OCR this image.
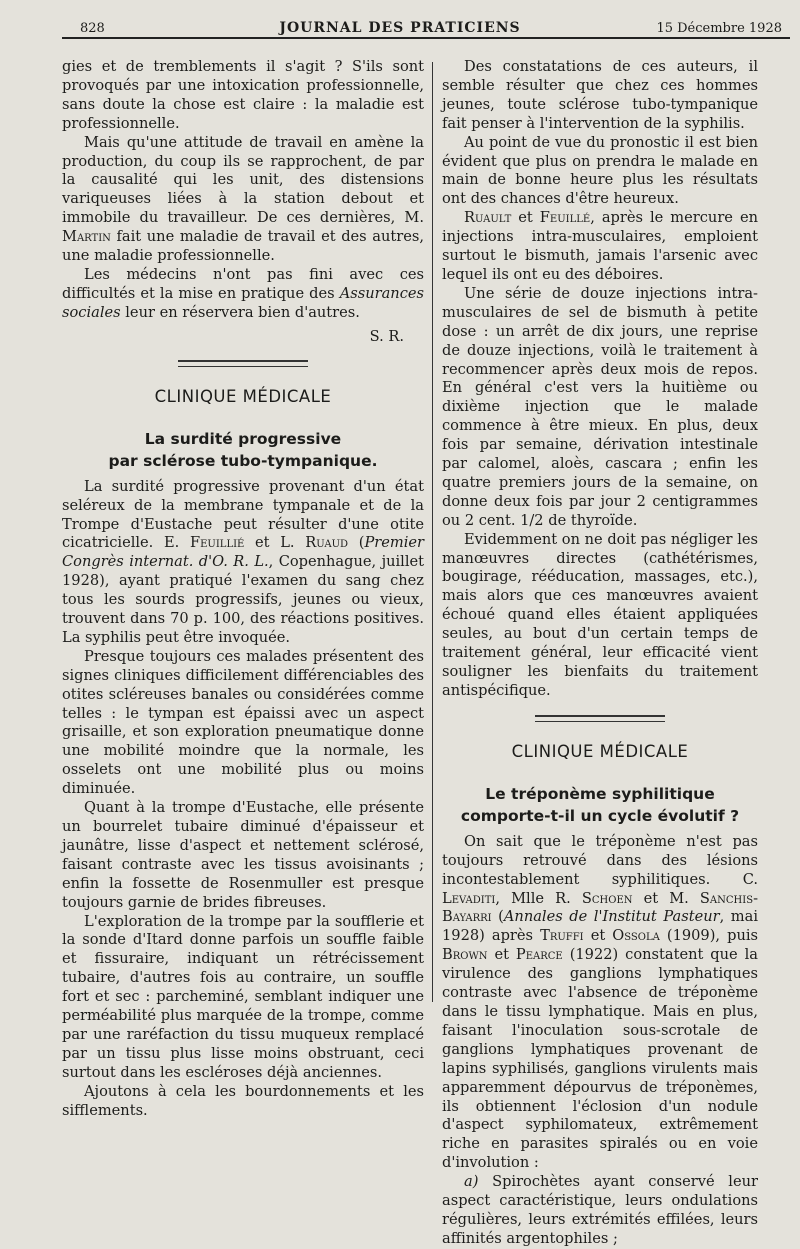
828	JOURNAL DES PRATICIENS	15 Décembre 1928

gies et de tremblements il s'agit ? S'ils sont provoqués par une intoxication professionnelle, sans doute la chose est claire : la maladie est professionnelle.

Mais qu'une attitude de travail en amène la production, du coup ils se rapprochent, de par la causalité qui les unit, des distensions variqueuses liées à la station debout et immobile du travailleur. De ces dernières, M. Martin fait une maladie de travail et des autres, une maladie professionnelle.

Les médecins n'ont pas fini avec ces difficultés et la mise en pratique des Assurances sociales leur en réservera bien d'autres.

S. R.
CLINIQUE MÉDICALE
La surdité progressive
par sclérose tubo-tympanique.

La surdité progressive provenant d'un état seléreux de la membrane tympanale et de la Trompe d'Eustache peut résulter d'une otite cicatricielle. E. Feuillié et L. Ruaud (Premier Congrès internat. d'O. R. L., Copenhague, juillet 1928), ayant pratiqué l'examen du sang chez tous les sourds progressifs, jeunes ou vieux, trouvent dans 70 p. 100, des réactions positives. La syphilis peut être invoquée.

Presque toujours ces malades présentent des signes cliniques difficilement différenciables des otites scléreuses banales ou considérées comme telles : le tympan est épaissi avec un aspect grisaille, et son exploration pneumatique donne une mobilité moindre que la normale, les osselets ont une mobilité plus ou moins diminuée.

Quant à la trompe d'Eustache, elle présente un bourrelet tubaire diminué d'épaisseur et jaunâtre, lisse d'aspect et nettement sclérosé, faisant contraste avec les tissus avoisinants ; enfin la fossette de Rosenmuller est presque toujours garnie de brides fibreuses.

L'exploration de la trompe par la soufflerie et la sonde d'Itard donne parfois un souffle faible et fissuraire, indiquant un rétrécissement tubaire, d'autres fois au contraire, un souffle fort et sec : parcheminé, semblant indiquer une perméabilité plus marquée de la trompe, comme par une raréfaction du tissu muqueux remplacé par un tissu plus lisse moins obstruant, ceci surtout dans les escléroses déjà anciennes.

Ajoutons à cela les bourdonnements et les sifflements.

Des constatations de ces auteurs, il semble résulter que chez ces hommes jeunes, toute sclérose tubo-tympanique fait penser à l'intervention de la syphilis.

Au point de vue du pronostic il est bien évident que plus on prendra le malade en main de bonne heure plus les résultats ont des chances d'être heureux.

Ruault et Feuillé, après le mercure en injections intra-musculaires, emploient surtout le bismuth, jamais l'arsenic avec lequel ils ont eu des déboires.

Une série de douze injections intra-musculaires de sel de bismuth à petite dose : un arrêt de dix jours, une reprise de douze injections, voilà le traitement à recommencer après deux mois de repos. En général c'est vers la huitième ou dixième injection que le malade commence à être mieux. En plus, deux fois par semaine, dérivation intestinale par calomel, aloès, cascara ; enfin les quatre premiers jours de la semaine, on donne deux fois par jour 2 centigrammes ou 2 cent. 1/2 de thyroïde.

Evidemment on ne doit pas négliger les manœuvres directes (cathétérismes, bougirage, rééducation, massages, etc.), mais alors que ces manœuvres avaient échoué quand elles étaient appliquées seules, au bout d'un certain temps de traitement général, leur efficacité vient souligner les bienfaits du traitement antispécifique.

CLINIQUE MÉDICALE
Le tréponème syphilitique
comporte-t-il un cycle évolutif ?

On sait que le tréponème n'est pas toujours retrouvé dans des lésions incontestablement syphilitiques. C. Levaditi, Mlle R. Schoen et M. Sanchis-Bayarri (Annales de l'Institut Pasteur, mai 1928) après Truffi et Ossola (1909), puis Brown et Pearce (1922) constatent que la virulence des ganglions lymphatiques contraste avec l'absence de tréponème dans le tissu lymphatique. Mais en plus, faisant l'inoculation sous-scrotale de ganglions lymphatiques provenant de lapins syphilisés, ganglions virulents mais apparemment dépourvus de tréponèmes, ils obtiennent l'éclosion d'un nodule d'aspect syphilomateux, extrêmement riche en parasites spiralés ou en voie d'involution :

a) Spirochètes ayant conservé leur aspect caractéristique, leurs ondulations régulières, leurs extrémités effilées, leurs affinités argentophiles ;
